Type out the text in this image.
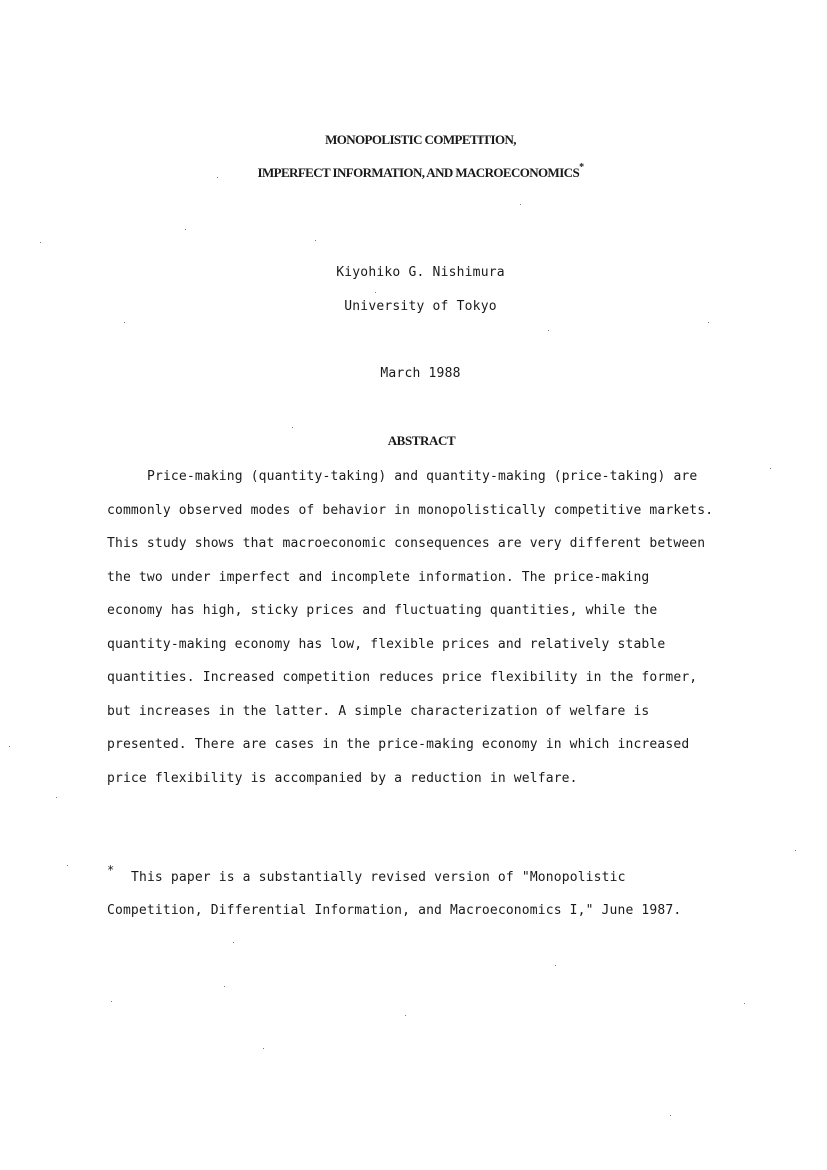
MONOPOLISTIC COMPETITION,
IMPERFECT INFORMATION, AND MACROECONOMICS*
Kiyohiko G. Nishimura
University of Tokyo
March 1988
ABSTRACT
Price-making (quantity-taking) and quantity-making (price-taking) are
commonly observed modes of behavior in monopolistically competitive markets.
This study shows that macroeconomic consequences are very different between
the two under imperfect and incomplete information. The price-making
economy has high, sticky prices and fluctuating quantities, while the
quantity-making economy has low, flexible prices and relatively stable
quantities. Increased competition reduces price flexibility in the former,
but increases in the latter. A simple characterization of welfare is
presented. There are cases in the price-making economy in which increased
price flexibility is accompanied by a reduction in welfare.
* This paper is a substantially revised version of "Monopolistic
Competition, Differential Information, and Macroeconomics I," June 1987.
